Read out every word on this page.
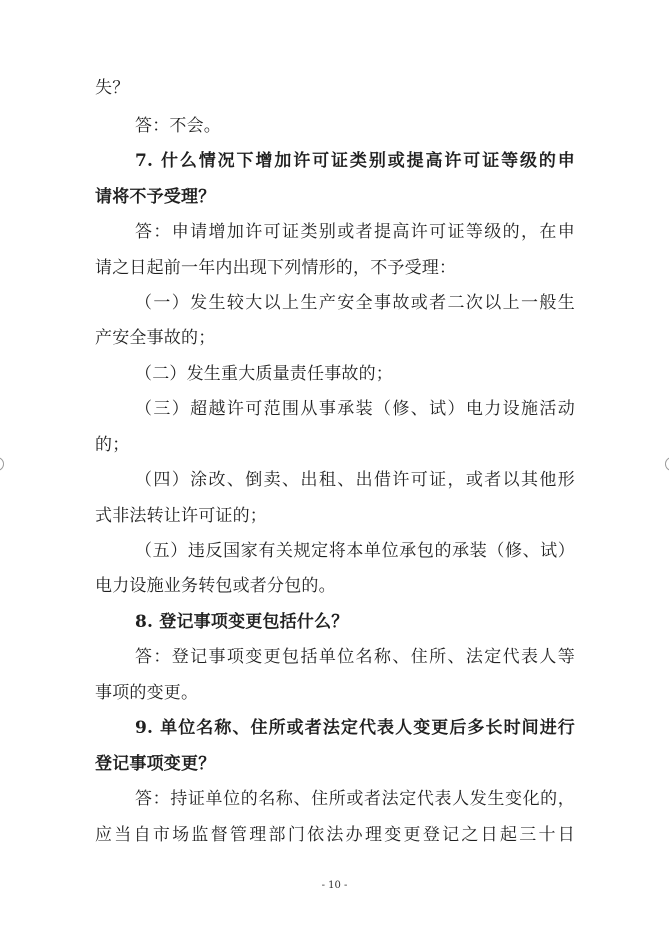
失？
答：不会。
7. 什么情况下增加许可证类别或提高许可证等级的申
请将不予受理？
答：申请增加许可证类别或者提高许可证等级的，在申
请之日起前一年内出现下列情形的，不予受理：
（一）发生较大以上生产安全事故或者二次以上一般生
产安全事故的；
（二）发生重大质量责任事故的；
（三）超越许可范围从事承装（修、试）电力设施活动
的；
（四）涂改、倒卖、出租、出借许可证，或者以其他形
式非法转让许可证的；
（五）违反国家有关规定将本单位承包的承装（修、试）
电力设施业务转包或者分包的。
8. 登记事项变更包括什么？
答：登记事项变更包括单位名称、住所、法定代表人等
事项的变更。
9. 单位名称、住所或者法定代表人变更后多长时间进行
登记事项变更？
答：持证单位的名称、住所或者法定代表人发生变化的，
应当自市场监督管理部门依法办理变更登记之日起三十日
- 10 -
